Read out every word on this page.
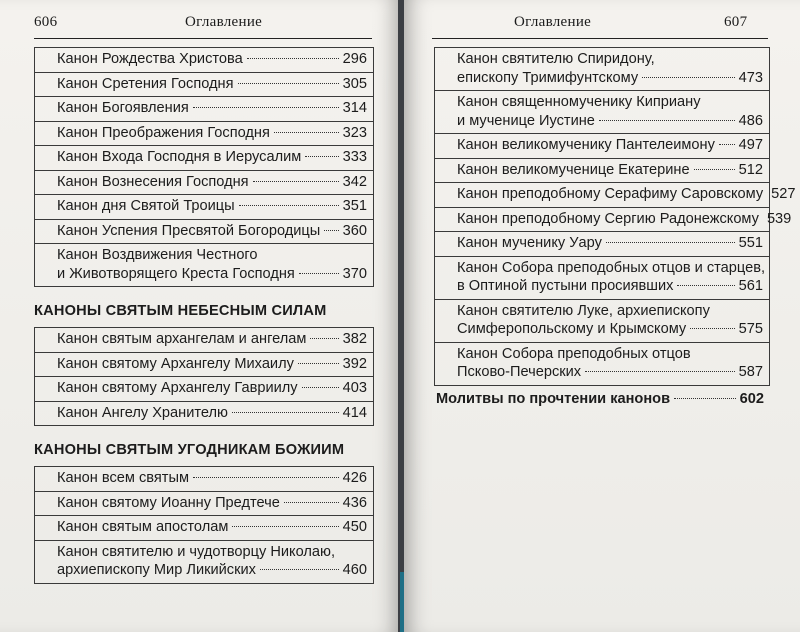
606	Оглавление
Канон Рождества Христова	296
Канон Сретения Господня	305
Канон Богоявления	314
Канон Преображения Господня	323
Канон Входа Господня в Иерусалим	333
Канон Вознесения Господня	342
Канон дня Святой Троицы	351
Канон Успения Пресвятой Богородицы 360
Канон Воздвижения Честного
и Животворящего Креста Господня	370
КАНОНЫ СВЯТЫМ НЕБЕСНЫМ СИЛАМ
Канон святым архангелам и ангелам 382
Канон святому Архангелу Михаилу	392
Канон святому Архангелу Гавриилу	403
Канон Ангелу Хранителю	414
КАНОНЫ СВЯТЫМ УГОДНИКАМ БОЖИИМ
Канон всем святым	426
Канон святому Иоанну Предтече	436
Канон святым апостолам	450
Канон святителю и чудотворцу Николаю,
архиепископу Мир Ликийских	460
Оглавление	607
Канон святителю Спиридону,
епископу Тримифунтскому	473
Канон священномученику Киприану
и мученице Иустине	486
Канон великомученику Пантелеимону 497
Канон великомученице Екатерине	512
Канон преподобному Серафиму Саровскому 527
Канон преподобному Сергию Радонежскому 539
Канон мученику Уару	551
Канон Собора преподобных отцов и старцев,
в Оптиной пустыни просиявших	561
Канон святителю Луке, архиепископу
Симферопольскому и Крымскому	575
Канон Собора преподобных отцов
Псково-Печерских	587
Молитвы по прочтении канонов	602
